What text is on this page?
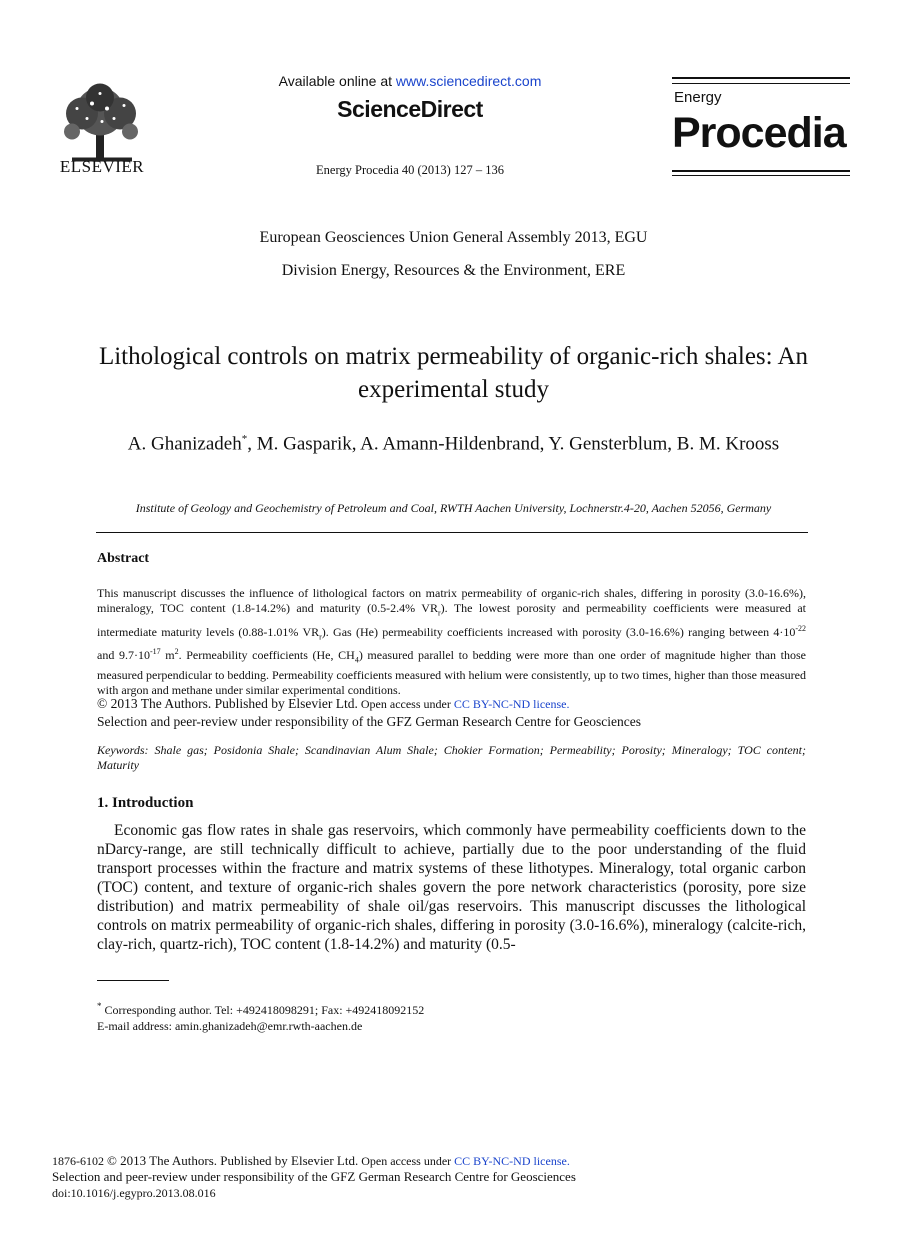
ELSEVIER
Available online at www.sciencedirect.com
ScienceDirect
Energy Procedia 40 (2013) 127 – 136
Energy
Procedia
European Geosciences Union General Assembly 2013, EGU
Division Energy, Resources & the Environment, ERE
Lithological controls on matrix permeability of organic-rich shales: An experimental study
A. Ghanizadeh*, M. Gasparik, A. Amann-Hildenbrand, Y. Gensterblum, B. M. Krooss
Institute of Geology and Geochemistry of Petroleum and Coal, RWTH Aachen University, Lochnerstr.4-20, Aachen 52056, Germany
Abstract
This manuscript discusses the influence of lithological factors on matrix permeability of organic-rich shales, differing in porosity (3.0-16.6%), mineralogy, TOC content (1.8-14.2%) and maturity (0.5-2.4% $VR_r$). The lowest porosity and permeability coefficients were measured at intermediate maturity levels (0.88-1.01% $VR_r$). Gas (He) permeability coefficients increased with porosity (3.0-16.6%) ranging between $4\cdot 10^{-22}$ and $9.7\cdot 10^{-17}$ $m^2$. Permeability coefficients (He, $CH_4$) measured parallel to bedding were more than one order of magnitude higher than those measured perpendicular to bedding. Permeability coefficients measured with helium were consistently, up to two times, higher than those measured with argon and methane under similar experimental conditions.
© 2013 The Authors. Published by Elsevier Ltd. Open access under CC BY-NC-ND license.
Selection and peer-review under responsibility of the GFZ German Research Centre for Geosciences
Keywords: Shale gas; Posidonia Shale; Scandinavian Alum Shale; Chokier Formation; Permeability; Porosity; Mineralogy; TOC content; Maturity
1. Introduction
Economic gas flow rates in shale gas reservoirs, which commonly have permeability coefficients down to the nDarcy-range, are still technically difficult to achieve, partially due to the poor understanding of the fluid transport processes within the fracture and matrix systems of these lithotypes. Mineralogy, total organic carbon (TOC) content, and texture of organic-rich shales govern the pore network characteristics (porosity, pore size distribution) and matrix permeability of shale oil/gas reservoirs. This manuscript discusses the lithological controls on matrix permeability of organic-rich shales, differing in porosity (3.0-16.6%), mineralogy (calcite-rich, clay-rich, quartz-rich), TOC content (1.8-14.2%) and maturity (0.5-
* Corresponding author. Tel: +492418098291; Fax: +492418092152
E-mail address: amin.ghanizadeh@emr.rwth-aachen.de
1876-6102 © 2013 The Authors. Published by Elsevier Ltd. Open access under CC BY-NC-ND license.
Selection and peer-review under responsibility of the GFZ German Research Centre for Geosciences
doi:10.1016/j.egypro.2013.08.016
